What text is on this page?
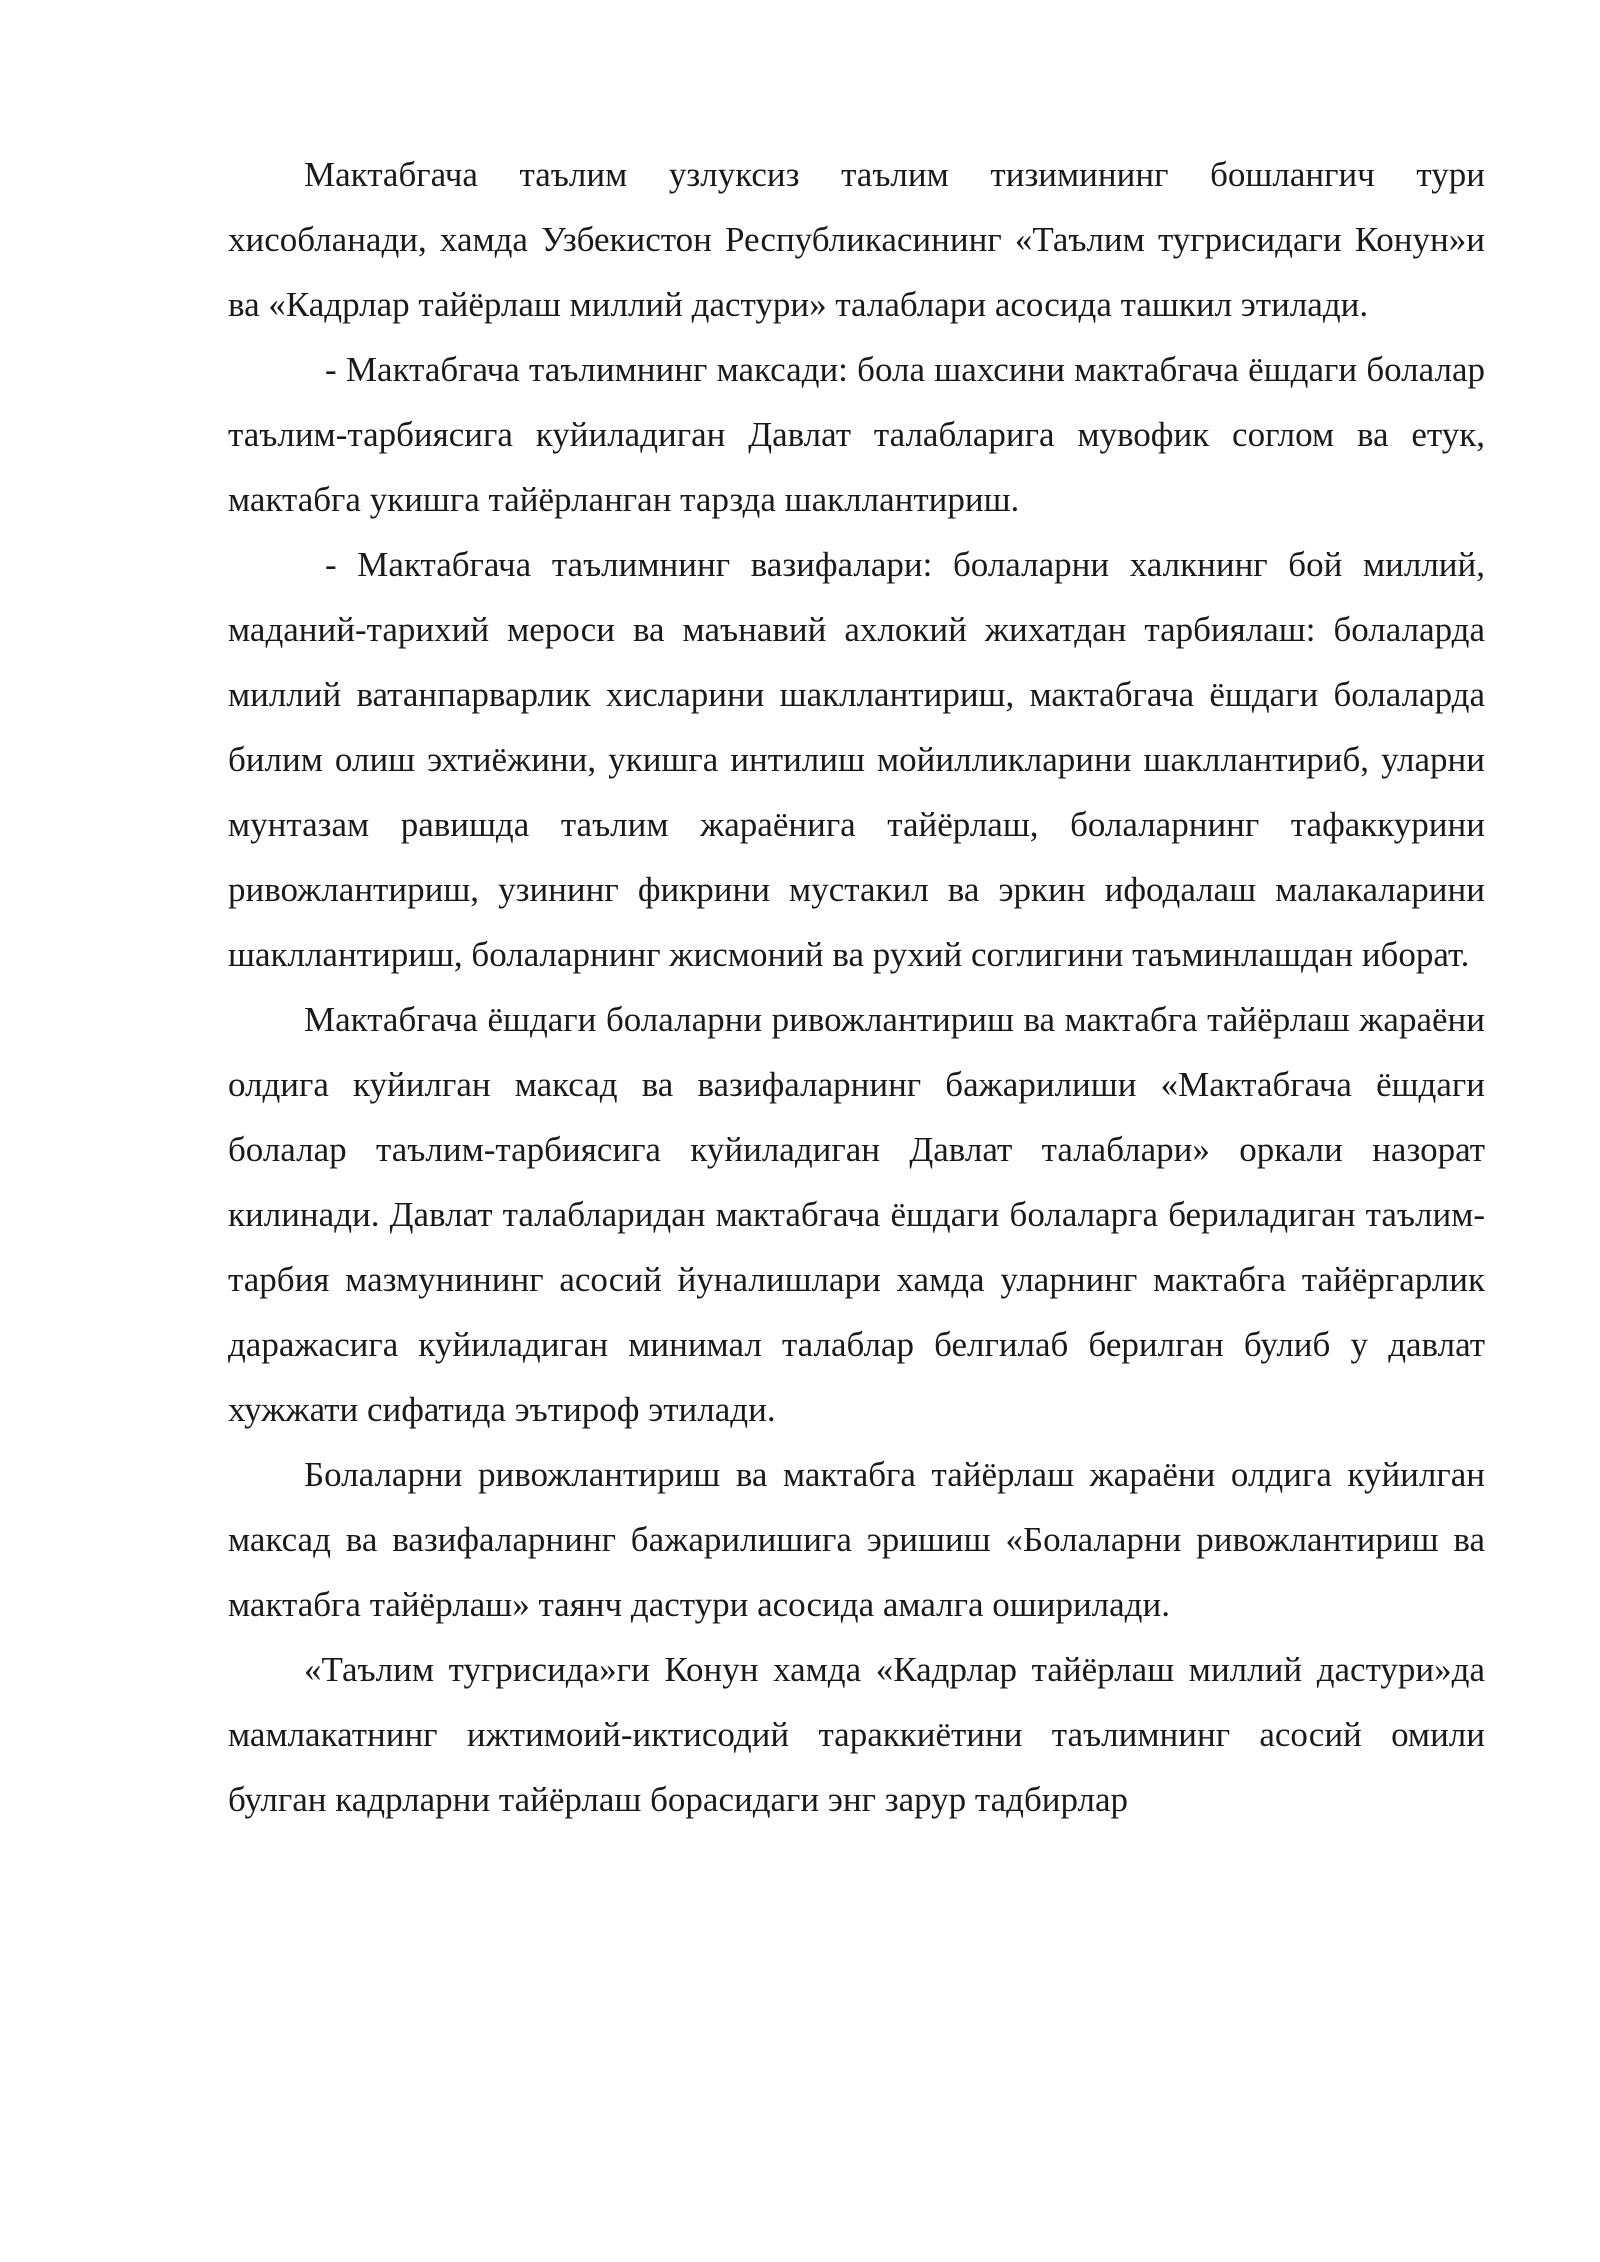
Мактабгача таълим узлуксиз таълим тизимининг бошлангич тури хисобланади, хамда Узбекистон Республикасининг «Таълим тугрисидаги Конун»и ва «Кадрлар тайёрлаш миллий дастури» талаблари асосида ташкил этилади.

- Мактабгача таълимнинг максади: бола шахсини мактабгача ёшдаги болалар таълим-тарбиясига куйиладиган Давлат талабларига мувофик соглом ва етук, мактабга укишга тайёрланган тарзда шакллантириш.

- Мактабгача таълимнинг вазифалари: болаларни халкнинг бой миллий, маданий-тарихий мероси ва маънавий ахлокий жихатдан тарбиялаш: болаларда миллий ватанпарварлик хисларини шакллантириш, мактабгача ёшдаги болаларда билим олиш эхтиёжини, укишга интилиш мойилликларини шакллантириб, уларни мунтазам равишда таълим жараёнига тайёрлаш, болаларнинг тафаккурини ривожлантириш, узининг фикрини мустакил ва эркин ифодалаш малакаларини шакллантириш, болаларнинг жисмоний ва рухий соглигини таъминлашдан иборат.

Мактабгача ёшдаги болаларни ривожлантириш ва мактабга тайёрлаш жараёни олдига куйилган максад ва вазифаларнинг бажарилиши «Мактабгача ёшдаги болалар таълим-тарбиясига куйиладиган Давлат талаблари» оркали назорат килинади. Давлат талабларидан мактабгача ёшдаги болаларга бериладиган таълим-тарбия мазмунининг асосий йуналишлари хамда уларнинг мактабга тайёргарлик даражасига куйиладиган минимал талаблар белгилаб берилган булиб у давлат хужжати сифатида эътироф этилади.

Болаларни ривожлантириш ва мактабга тайёрлаш жараёни олдига куйилган максад ва вазифаларнинг бажарилишига эришиш «Болаларни ривожлантириш ва мактабга тайёрлаш» таянч дастури асосида амалга оширилади.

«Таълим тугрисида»ги Конун хамда «Кадрлар тайёрлаш миллий дастури»да мамлакатнинг ижтимоий-иктисодий тараккиётини таълимнинг асосий омили булган кадрларни тайёрлаш борасидаги энг зарур тадбирлар
